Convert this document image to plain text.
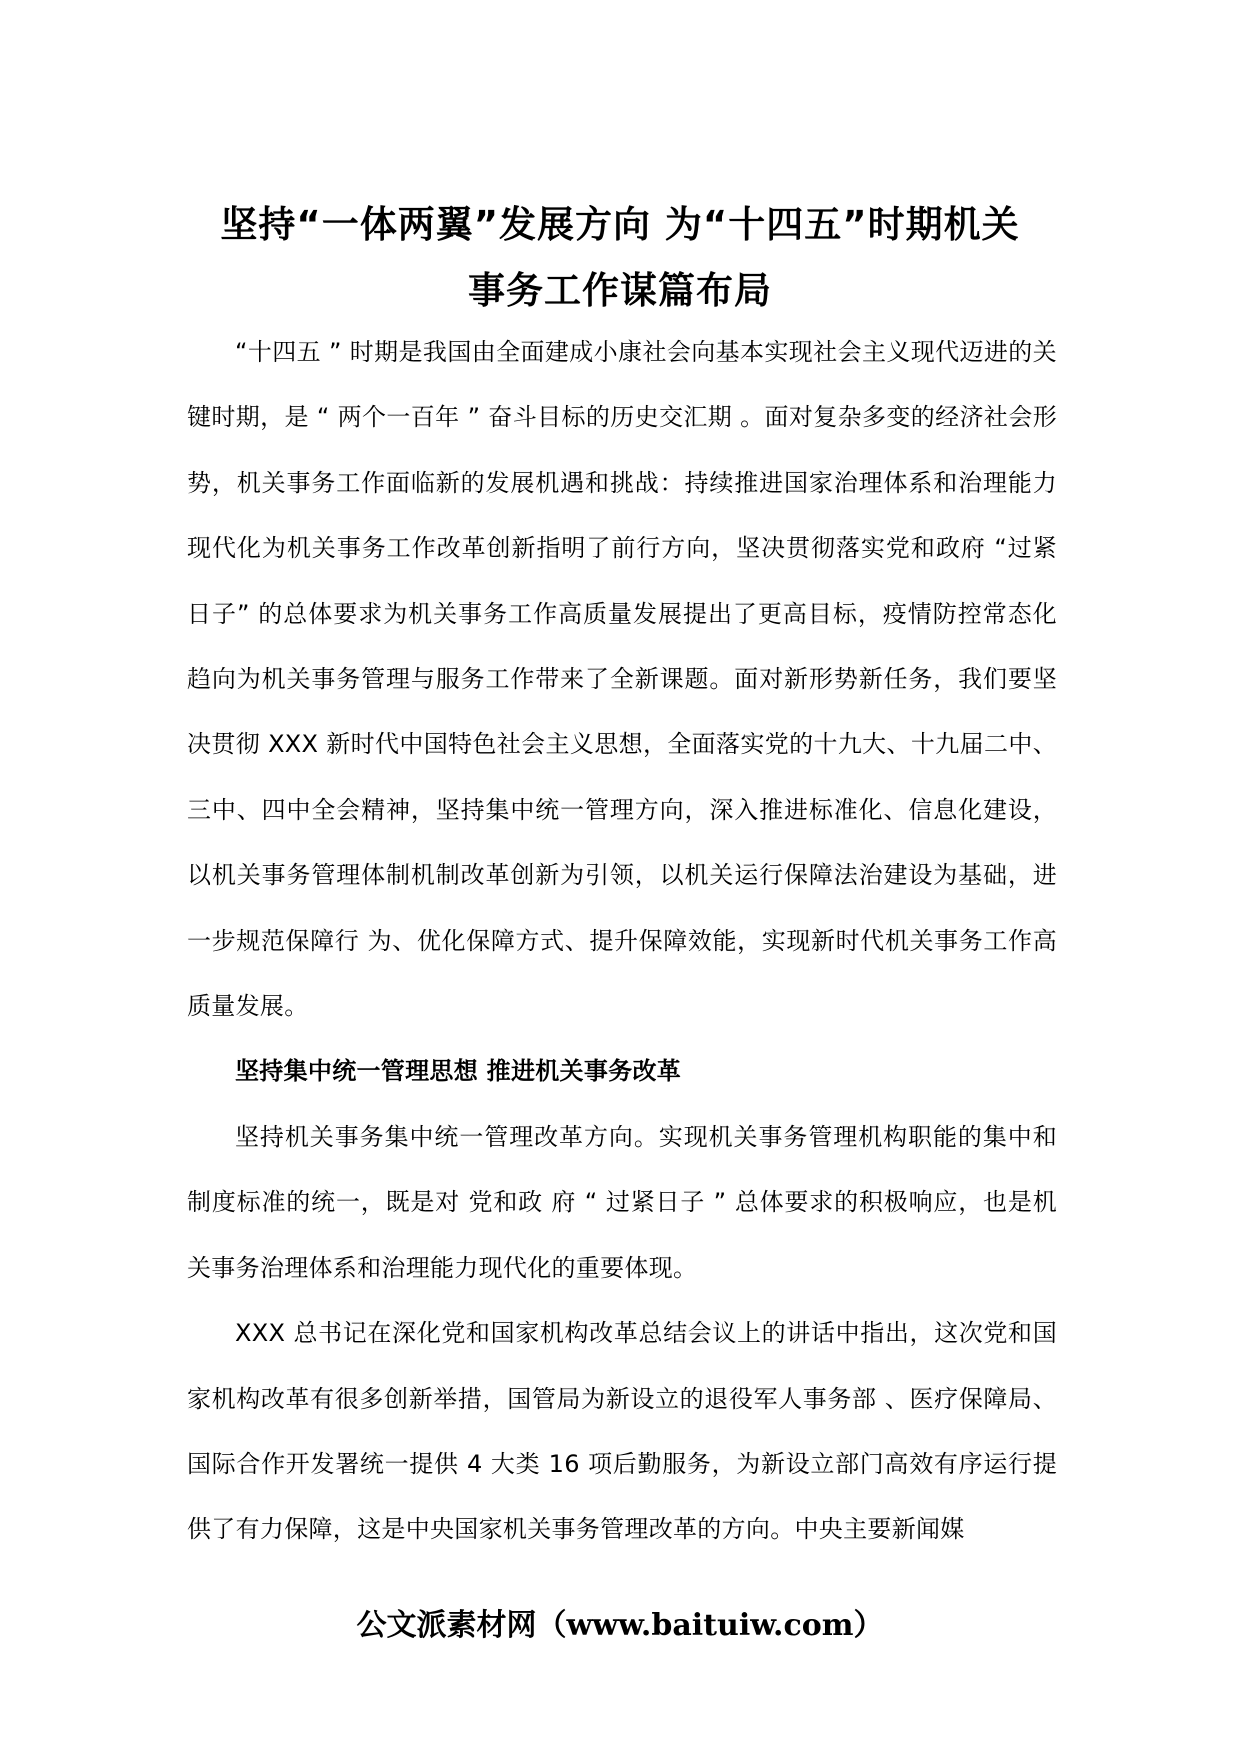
坚持“一体两翼”发展方向 为“十四五”时期机关
事务工作谋篇布局

“十四五 ” 时期是我国由全面建成小康社会向基本实现社会主义现代迈进的关键时期，是 “ 两个一百年 ” 奋斗目标的历史交汇期 。面对复杂多变的经济社会形势，机关事务工作面临新的发展机遇和挑战：持续推进国家治理体系和治理能力现代化为机关事务工作改革创新指明了前行方向，坚决贯彻落实党和政府 “过紧日子” 的总体要求为机关事务工作高质量发展提出了更高目标，疫情防控常态化趋向为机关事务管理与服务工作带来了全新课题。面对新形势新任务，我们要坚决贯彻 XXX 新时代中国特色社会主义思想，全面落实党的十九大、十九届二中、三中、四中全会精神，坚持集中统一管理方向，深入推进标准化、信息化建设，以机关事务管理体制机制改革创新为引领，以机关运行保障法治建设为基础，进一步规范保障行 为、优化保障方式、提升保障效能，实现新时代机关事务工作高质量发展。

坚持集中统一管理思想 推进机关事务改革

坚持机关事务集中统一管理改革方向。实现机关事务管理机构职能的集中和制度标准的统一，既是对 党和政 府 “ 过紧日子 ” 总体要求的积极响应，也是机关事务治理体系和治理能力现代化的重要体现。

XXX 总书记在深化党和国家机构改革总结会议上的讲话中指出，这次党和国家机构改革有很多创新举措，国管局为新设立的退役军人事务部 、医疗保障局、国际合作开发署统一提供 4 大类 16 项后勤服务，为新设立部门高效有序运行提供了有力保障，这是中央国家机关事务管理改革的方向。中央主要新闻媒

公文派素材网（www.baituiw.com）
